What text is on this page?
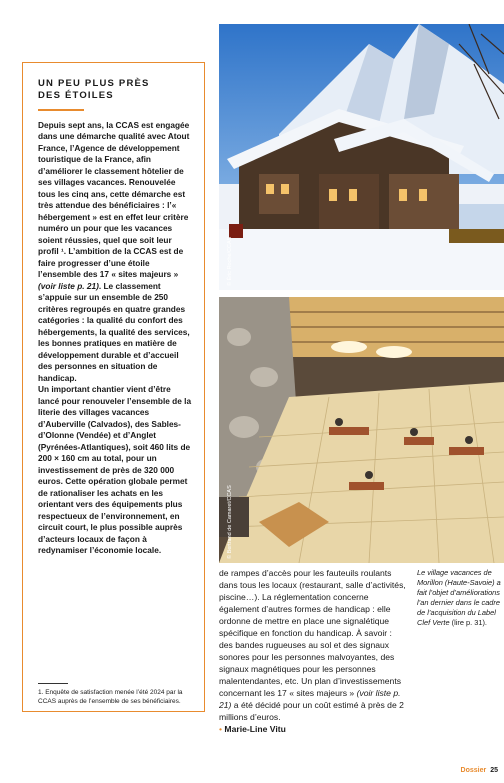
UN PEU PLUS PRÈS
DES ÉTOILES

Depuis sept ans, la CCAS est engagée dans une démarche qualité avec Atout France, l’Agence de développement touristique de la France, afin d’améliorer le classement hôtelier de ses villages vacances. Renouvelée tous les cinq ans, cette démarche est très attendue des bénéficiaires : l’« hébergement » est en effet leur critère numéro un pour que les vacances soient réussies, quel que soit leur profil ¹. L’ambition de la CCAS est de faire progresser d’une étoile l’ensemble des 17 « sites majeurs » (voir liste p. 21). Le classement s’appuie sur un ensemble de 250 critères regroupés en quatre grandes catégories : la qualité du confort des hébergements, la qualité des services, les bonnes pratiques en matière de développement durable et d’accueil des personnes en situation de handicap.

Un important chantier vient d’être lancé pour renouveler l’ensemble de la literie des villages vacances d’Auberville (Calvados), des Sables-d’Olonne (Vendée) et d’Anglet (Pyrénées-Atlantiques), soit 460 lits de 200 × 160 cm au total, pour un investissement de près de 320 000 euros. Cette opération globale permet de rationaliser les achats en les orientant vers des équipements plus respectueux de l’environnement, en circuit court, le plus possible auprès d’acteurs locaux de façon à redynamiser l’économie locale.

1. Enquête de satisfaction menée l’été 2024 par la CCAS auprès de l’ensemble de ses bénéficiaires.

© Éric Roche/CCAS
© Bertrand de Camaret/CCAS

de rampes d’accès pour les fauteuils roulants dans tous les locaux (restaurant, salle d’activités, piscine…). La réglementation concerne également d’autres formes de handicap : elle ordonne de mettre en place une signalétique spécifique en fonction du handicap. À savoir : des bandes rugueuses au sol et des signaux sonores pour les personnes malvoyantes, des signaux magnétiques pour les personnes malentendantes, etc. Un plan d’investissements concernant les 17 « sites majeurs » (voir liste p. 21) a été décidé pour un coût estimé à près de 2 millions d’euros.
• Marie-Line Vitu

Le village vacances de Morillon (Haute-Savoie) a fait l’objet d’améliorations l’an dernier dans le cadre de l’acquisition du Label Clef Verte (lire p. 31).

Dossier 25
